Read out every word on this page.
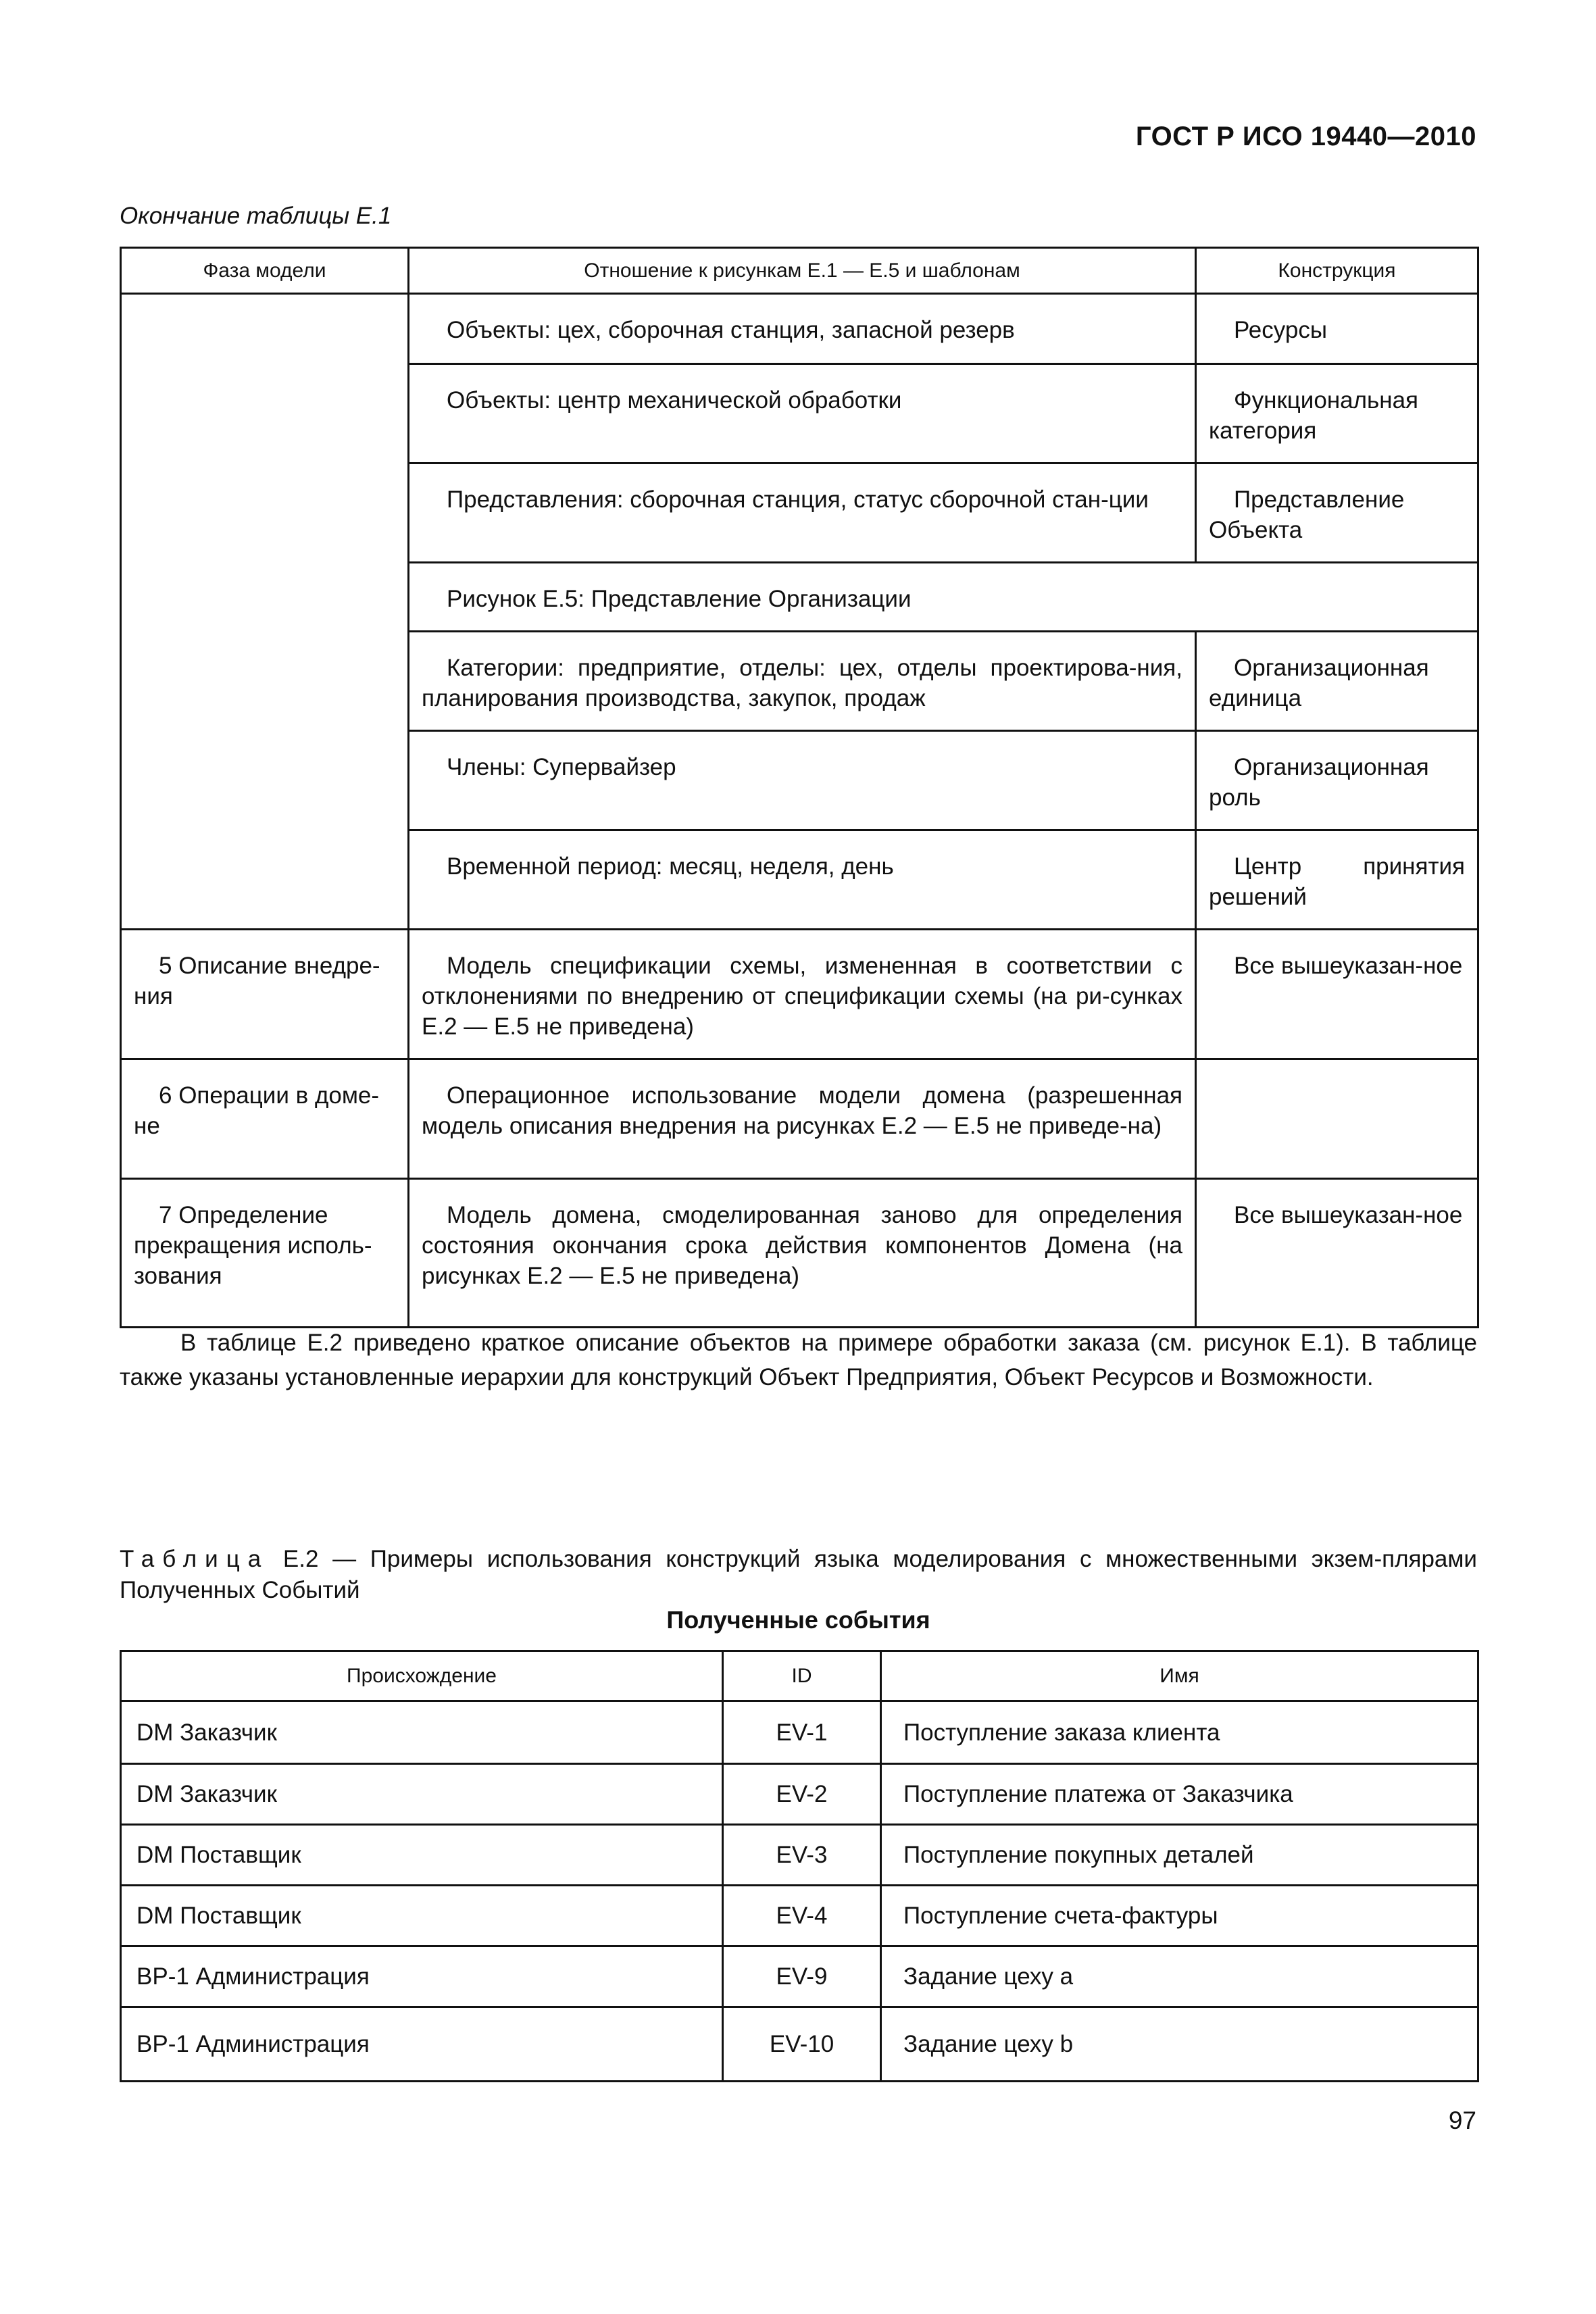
ГОСТ Р ИСО 19440—2010
Окончание таблицы Е.1
Фаза модели	Отношение к рисункам Е.1 — Е.5 и шаблонам	Конструкция
	Объекты: цех, сборочная станция, запасной резерв	Ресурсы
	Объекты: центр механической обработки	Функциональная категория
	Представления: сборочная станция, статус сборочной стан-ции	Представление Объекта
	Рисунок Е.5: Представление Организации	
	Категории: предприятие, отделы: цех, отделы проектирова-ния, планирования производства, закупок, продаж	Организационная единица
	Члены: Супервайзер	Организационная роль
	Временной период: месяц, неделя, день	Центр принятия решений
5 Описание внедре-ния	Модель спецификации схемы, измененная в соответствии с отклонениями по внедрению от спецификации схемы (на ри-сунках Е.2 — Е.5 не приведена)	Все вышеуказан-ное
6 Операции в доме-не	Операционное использование модели домена (разрешенная модель описания внедрения на рисунках Е.2 — Е.5 не приведе-на)	
7 Определение прекращения исполь-зования	Модель домена, смоделированная заново для определения состояния окончания срока действия компонентов Домена (на рисунках Е.2 — Е.5 не приведена)	Все вышеуказан-ное
В таблице Е.2 приведено краткое описание объектов на примере обработки заказа (см. рисунок Е.1). В таблице также указаны установленные иерархии для конструкций Объект Предприятия, Объект Ресурсов и Возможности.
Таблица Е.2 — Примеры использования конструкций языка моделирования с множественными экзем-плярами Полученных Событий
Полученные события
Происхождение	ID	Имя
DM Заказчик	EV-1	Поступление заказа клиента
DM Заказчик	EV-2	Поступление платежа от Заказчика
DM Поставщик	EV-3	Поступление покупных деталей
DM Поставщик	EV-4	Поступление счета-фактуры
BP-1 Администрация	EV-9	Задание цеху a
BP-1 Администрация	EV-10	Задание цеху b
97
